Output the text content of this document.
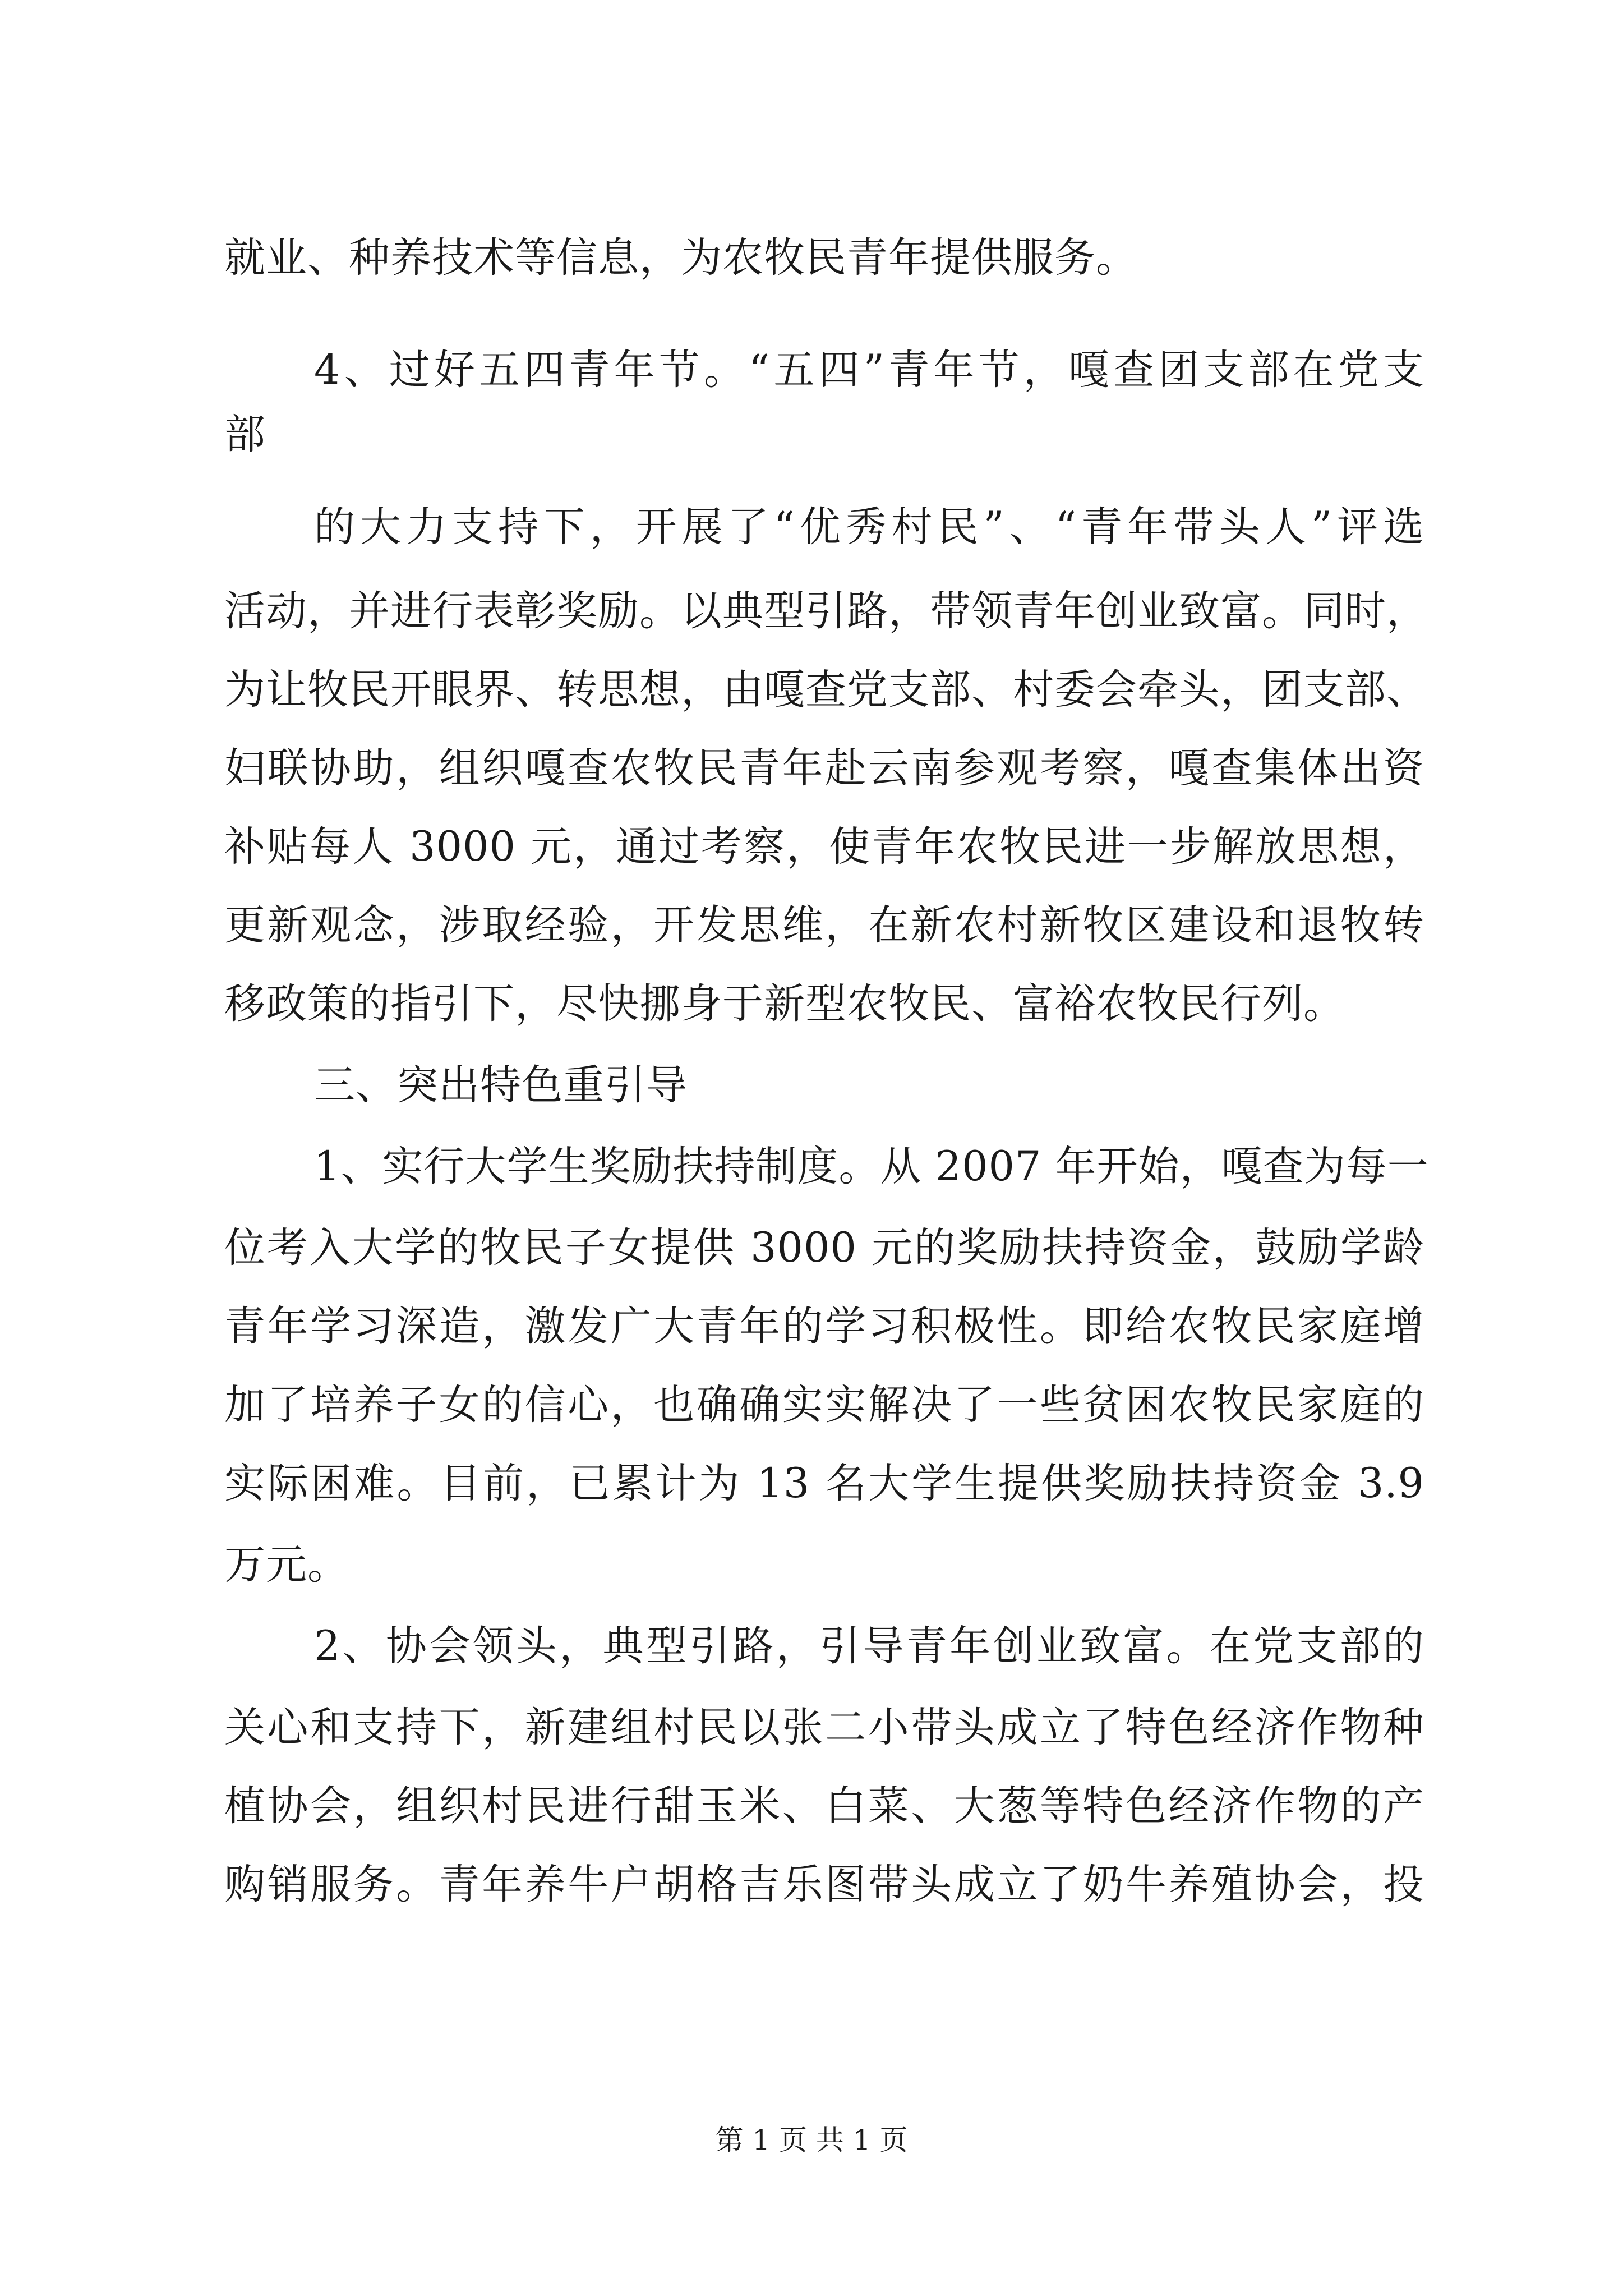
就业、种养技术等信息，为农牧民青年提供服务。
4、过好五四青年节。“五四”青年节，嘎查团支部在党支
部
的大力支持下，开展了“优秀村民”、“青年带头人”评选
活动，并进行表彰奖励。以典型引路，带领青年创业致富。同时，
为让牧民开眼界、转思想，由嘎查党支部、村委会牵头，团支部、
妇联协助，组织嘎查农牧民青年赴云南参观考察，嘎查集体出资
补贴每人 3000 元，通过考察，使青年农牧民进一步解放思想，
更新观念，涉取经验，开发思维，在新农村新牧区建设和退牧转
移政策的指引下，尽快挪身于新型农牧民、富裕农牧民行列。
三、突出特色重引导
1、实行大学生奖励扶持制度。从 2007 年开始，嘎查为每一
位考入大学的牧民子女提供 3000 元的奖励扶持资金，鼓励学龄
青年学习深造，激发广大青年的学习积极性。即给农牧民家庭增
加了培养子女的信心，也确确实实解决了一些贫困农牧民家庭的
实际困难。目前，已累计为 13 名大学生提供奖励扶持资金 3.9
万元。
2、协会领头，典型引路，引导青年创业致富。在党支部的
关心和支持下，新建组村民以张二小带头成立了特色经济作物种
植协会，组织村民进行甜玉米、白菜、大葱等特色经济作物的产
购销服务。青年养牛户胡格吉乐图带头成立了奶牛养殖协会，投
第 1 页 共 1 页
